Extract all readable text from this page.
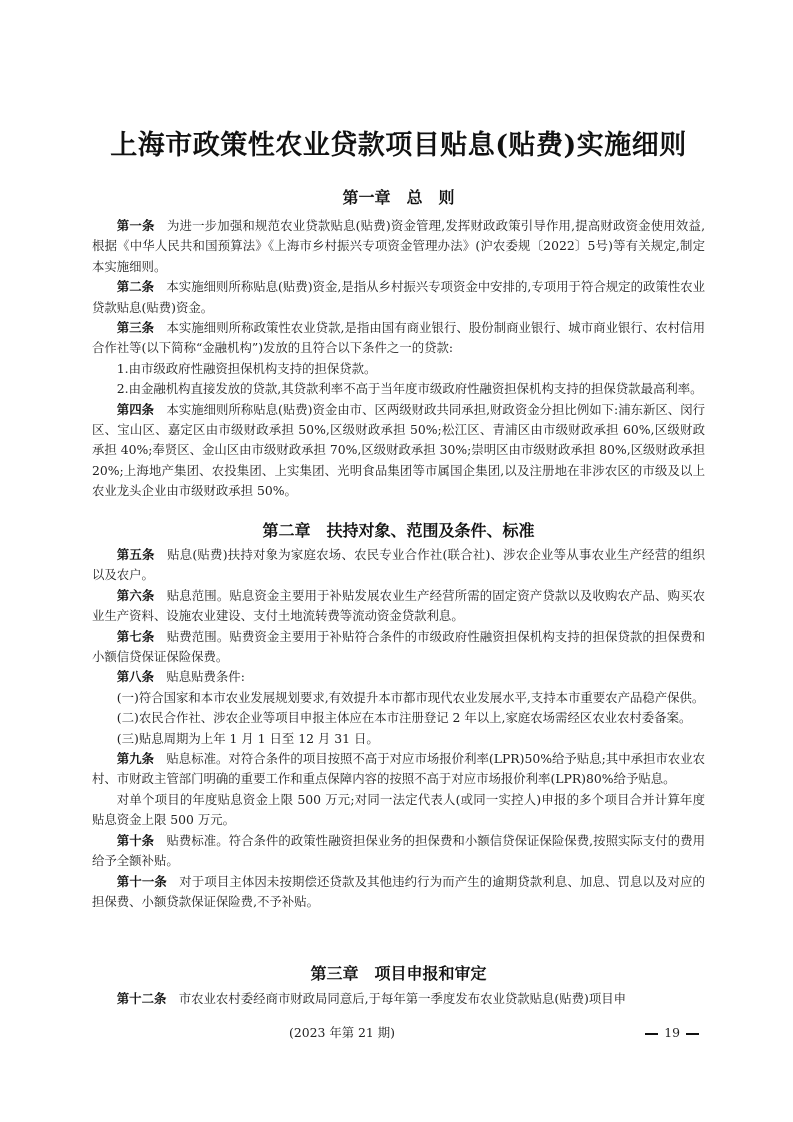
上海市政策性农业贷款项目贴息(贴费)实施细则
第一章　总　则

第一条 为进一步加强和规范农业贷款贴息(贴费)资金管理,发挥财政政策引导作用,提高财政资金使用效益,根据《中华人民共和国预算法》《上海市乡村振兴专项资金管理办法》(沪农委规〔2022〕5号)等有关规定,制定本实施细则。

第二条 本实施细则所称贴息(贴费)资金,是指从乡村振兴专项资金中安排的,专项用于符合规定的政策性农业贷款贴息(贴费)资金。

第三条 本实施细则所称政策性农业贷款,是指由国有商业银行、股份制商业银行、城市商业银行、农村信用合作社等(以下简称“金融机构”)发放的且符合以下条件之一的贷款:

1.由市级政府性融资担保机构支持的担保贷款。

2.由金融机构直接发放的贷款,其贷款利率不高于当年度市级政府性融资担保机构支持的担保贷款最高利率。

第四条 本实施细则所称贴息(贴费)资金由市、区两级财政共同承担,财政资金分担比例如下:浦东新区、闵行区、宝山区、嘉定区由市级财政承担 50%,区级财政承担 50%;松江区、青浦区由市级财政承担 60%,区级财政承担 40%;奉贤区、金山区由市级财政承担 70%,区级财政承担 30%;崇明区由市级财政承担 80%,区级财政承担 20%;上海地产集团、农投集团、上实集团、光明食品集团等市属国企集团,以及注册地在非涉农区的市级及以上农业龙头企业由市级财政承担 50%。

第二章　扶持对象、范围及条件、标准

第五条 贴息(贴费)扶持对象为家庭农场、农民专业合作社(联合社)、涉农企业等从事农业生产经营的组织以及农户。

第六条 贴息范围。贴息资金主要用于补贴发展农业生产经营所需的固定资产贷款以及收购农产品、购买农业生产资料、设施农业建设、支付土地流转费等流动资金贷款利息。

第七条 贴费范围。贴费资金主要用于补贴符合条件的市级政府性融资担保机构支持的担保贷款的担保费和小额信贷保证保险保费。

第八条 贴息贴费条件:

(一)符合国家和本市农业发展规划要求,有效提升本市都市现代农业发展水平,支持本市重要农产品稳产保供。

(二)农民合作社、涉农企业等项目申报主体应在本市注册登记 2 年以上,家庭农场需经区农业农村委备案。

(三)贴息周期为上年 1 月 1 日至 12 月 31 日。

第九条 贴息标准。对符合条件的项目按照不高于对应市场报价利率(LPR)50%给予贴息;其中承担市农业农村、市财政主管部门明确的重要工作和重点保障内容的按照不高于对应市场报价利率(LPR)80%给予贴息。

对单个项目的年度贴息资金上限 500 万元;对同一法定代表人(或同一实控人)申报的多个项目合并计算年度贴息资金上限 500 万元。

第十条 贴费标准。符合条件的政策性融资担保业务的担保费和小额信贷保证保险保费,按照实际支付的费用给予全额补贴。

第十一条 对于项目主体因未按期偿还贷款及其他违约行为而产生的逾期贷款利息、加息、罚息以及对应的担保费、小额贷款保证保险费,不予补贴。

第三章　项目申报和审定

第十二条 市农业农村委经商市财政局同意后,于每年第一季度发布农业贷款贴息(贴费)项目申

(2023 年第 21 期)	19
